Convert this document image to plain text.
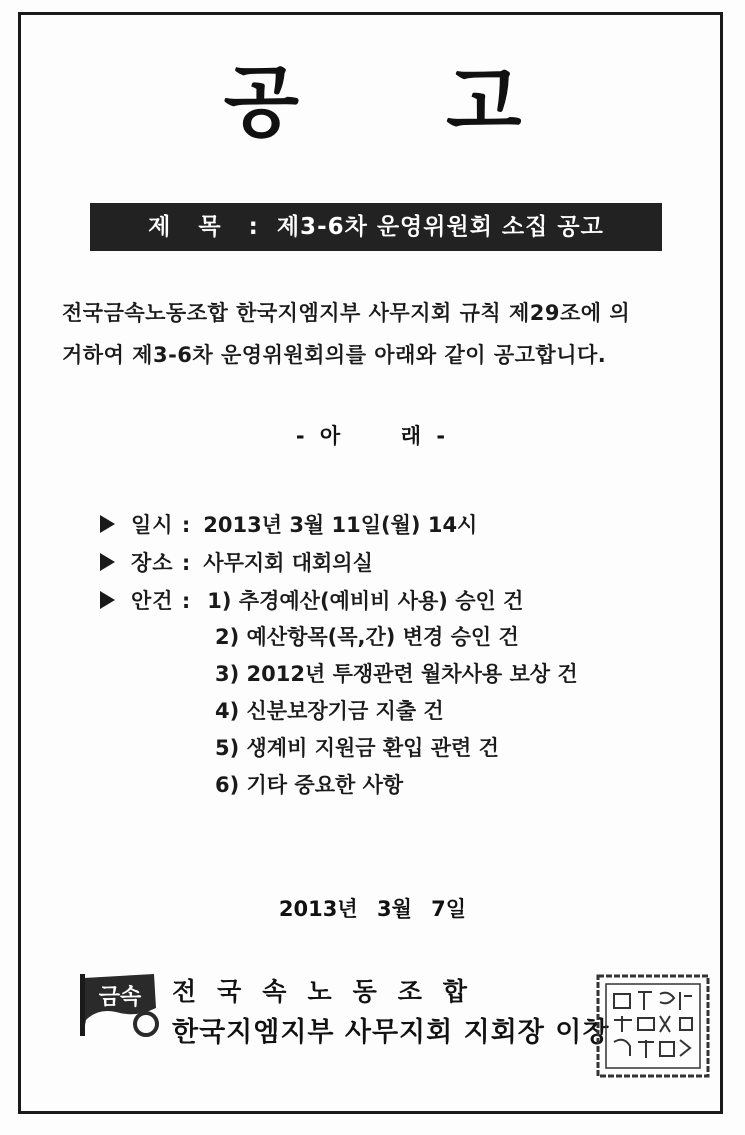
공 고
제 목 : 제3-6차 운영위원회 소집 공고
전국금속노동조합 한국지엠지부 사무지회 규칙 제29조에 의
거하여 제3-6차 운영위원회의를 아래와 같이 공고합니다.
- 아     래 -
일시 : 2013년 3월 11일(월) 14시
장소 : 사무지회 대회의실
안건 : 1) 추경예산(예비비 사용) 승인 건
2) 예산항목(목,간) 변경 승인 건
3) 2012년 투쟁관련 월차사용 보상 건
4) 신분보장기금 지출 건
5) 생계비 지원금 환입 관련 건
6) 기타 중요한 사항
2013년 3월 7일
금속 전국속노동조합
한국지엠지부 사무지회 지회장 이창
